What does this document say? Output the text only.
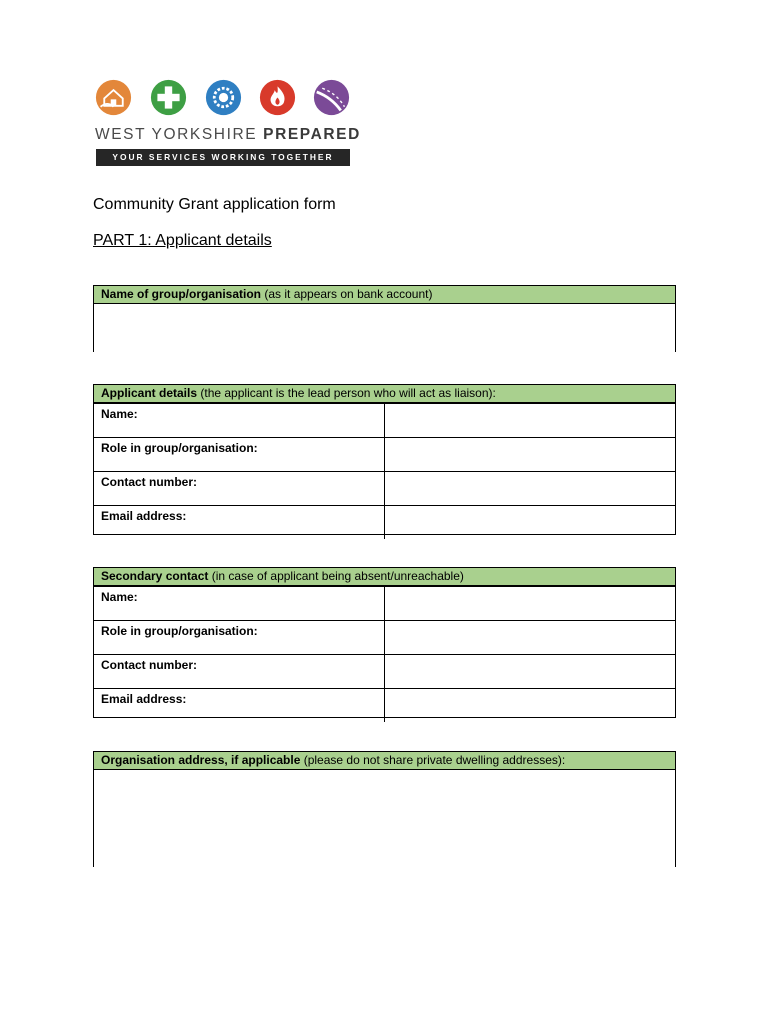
WEST YORKSHIRE PREPARED
YOUR SERVICES WORKING TOGETHER
Community Grant application form
PART 1: Applicant details
Name of group/organisation (as it appears on bank account)
Applicant details (the applicant is the lead person who will act as liaison):
Name:
Role in group/organisation:
Contact number:
Email address:
Secondary contact (in case of applicant being absent/unreachable)
Name:
Role in group/organisation:
Contact number:
Email address:
Organisation address, if applicable (please do not share private dwelling addresses):
